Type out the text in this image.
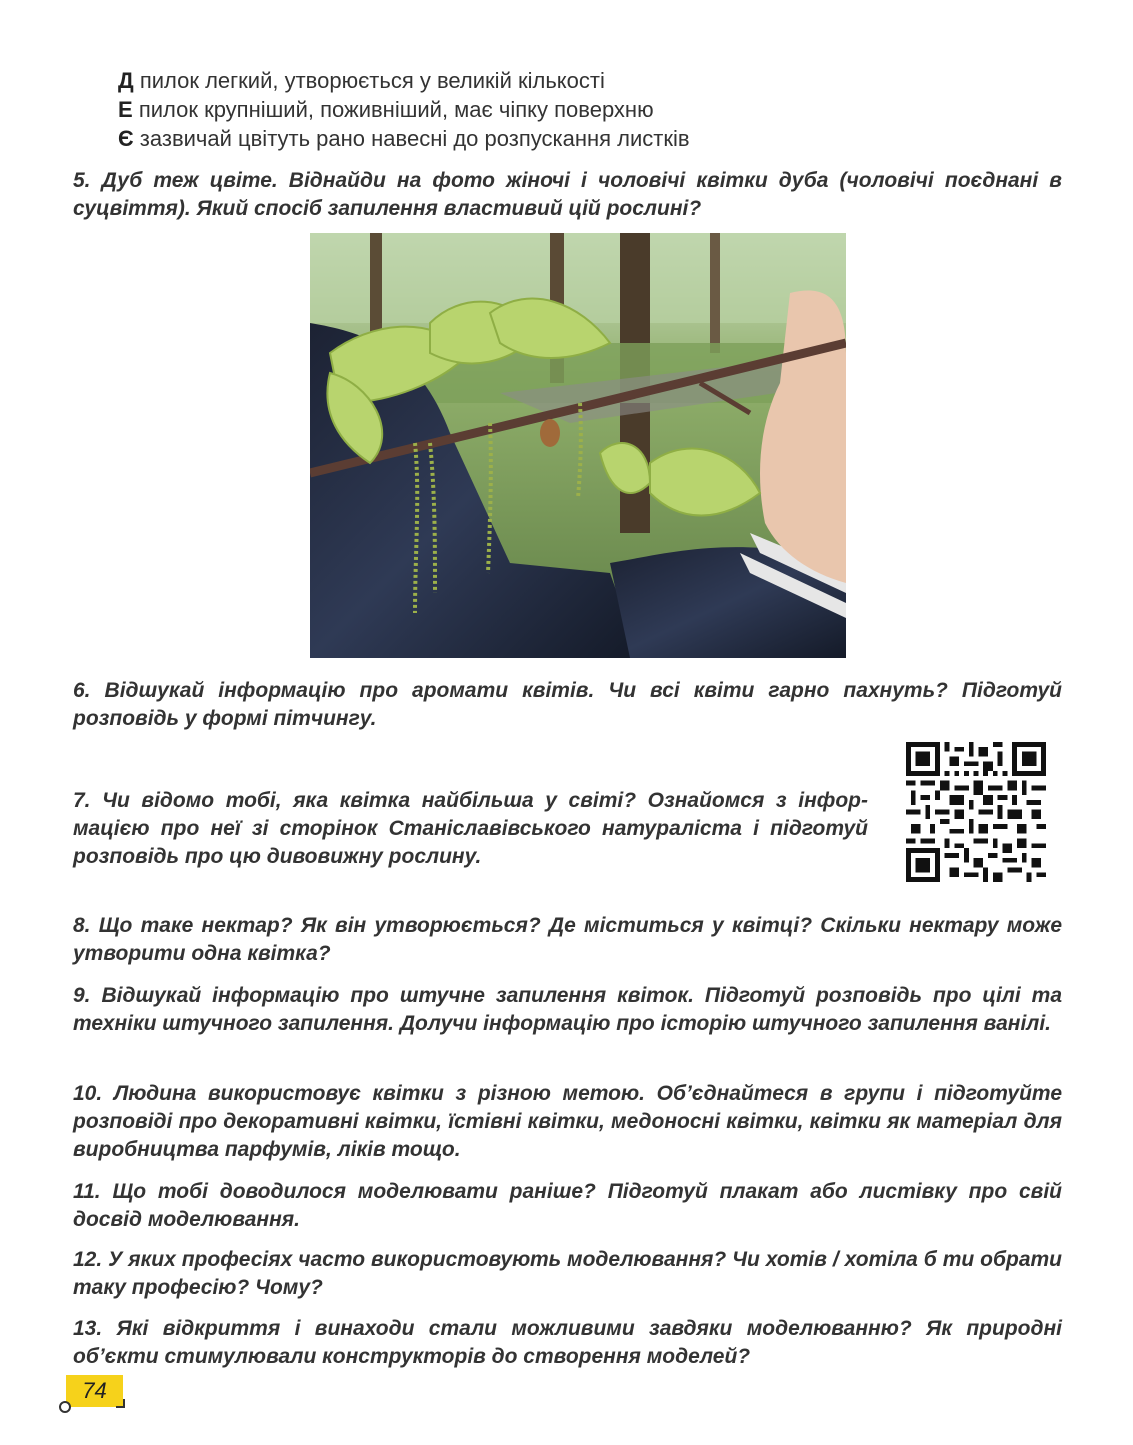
Д пилок легкий, утворюється у великій кількості
Е пилок крупніший, поживніший, має чіпку поверхню
Є зазвичай цвітуть рано навесні до розпускання листків

5. Дуб теж цвіте. Віднайди на фото жіночі і чоловічі квітки дуба (чоловічі поєднані в суцвіття). Який спосіб запилення властивий цій рослині?

6. Відшукай інформацію про аромати квітів. Чи всі квіти гарно пахнуть? Підготуй розповідь у формі пітчингу.

7. Чи відомо тобі, яка квітка найбільша у світі? Ознайомся з інформацією про неї зі сторінок Станіславівського натураліста і підготуй розповідь про цю дивовижну рослину.

8. Що таке нектар? Як він утворюється? Де міститься у квітці? Скільки нектару може утворити одна квітка?

9. Відшукай інформацію про штучне запилення квіток. Підготуй розповідь про цілі та техніки штучного запилення. Долучи інформацію про історію штучного запилення ванілі.

10. Людина використовує квітки з різною метою. Об’єднайтеся в групи і підготуйте розповіді про декоративні квітки, їстівні квітки, медоносні квітки, квітки як матеріал для виробництва парфумів, ліків тощо.

11. Що тобі доводилося моделювати раніше? Підготуй плакат або листівку про свій досвід моделювання.

12. У яких професіях часто використовують моделювання? Чи хотів / хотіла б ти обрати таку професію? Чому?

13. Які відкриття і винаходи стали можливими завдяки моделюванню? Як природні об’єкти стимулювали конструкторів до створення моделей?

74
